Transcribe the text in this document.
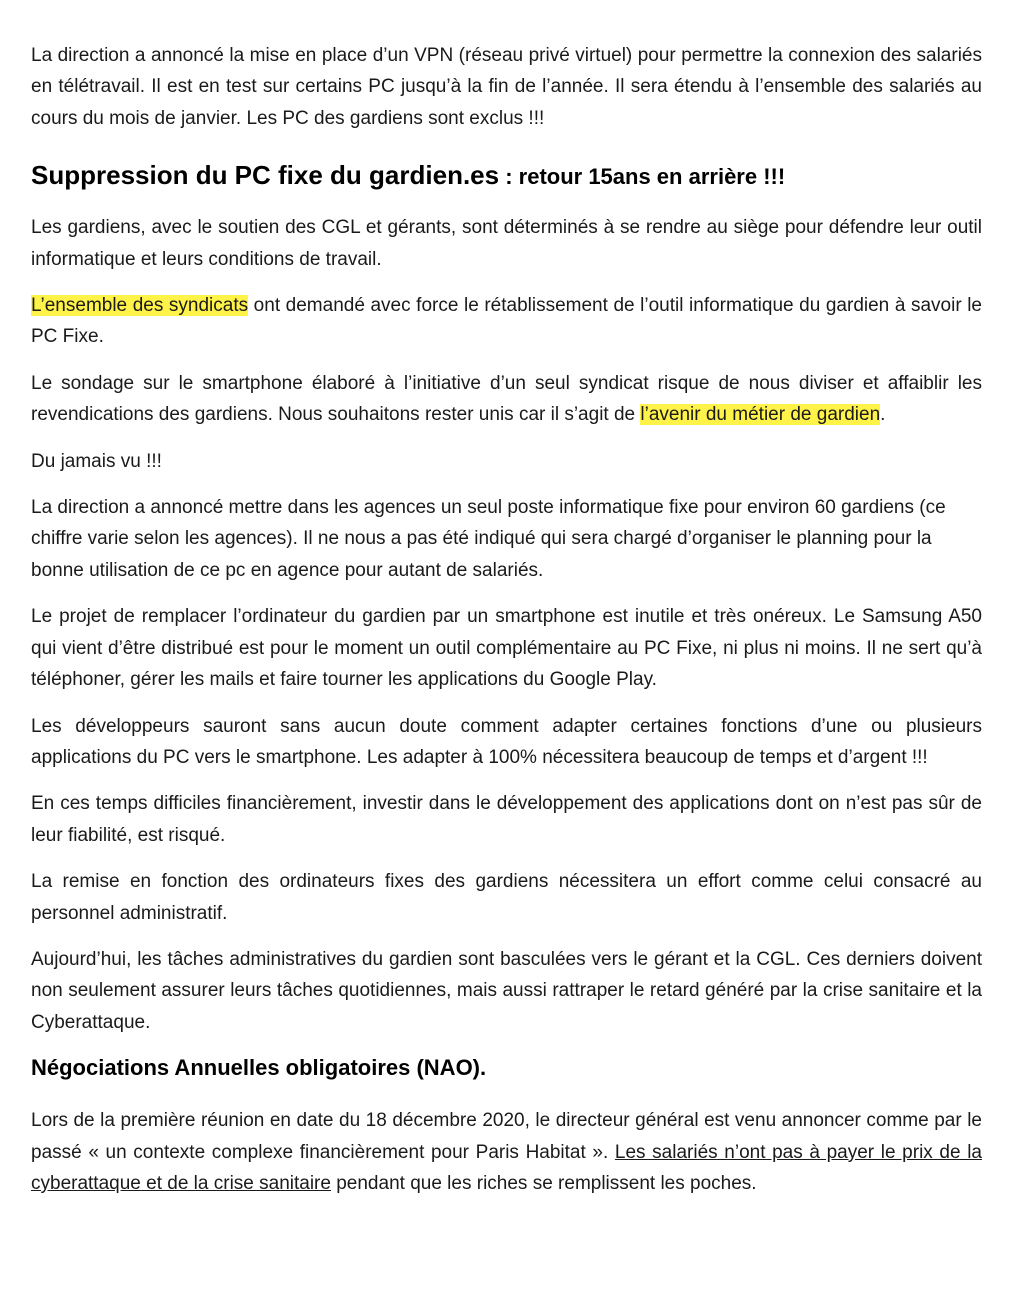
La direction a annoncé la mise en place d’un VPN (réseau privé virtuel) pour permettre la connexion des salariés en télétravail. Il est en test sur certains PC jusqu’à la fin de l’année. Il sera étendu à l’ensemble des salariés au cours du mois de janvier. Les PC des gardiens sont exclus !!!

Suppression du PC fixe du gardien.es : retour 15ans en arrière !!!

Les gardiens, avec le soutien des CGL et gérants, sont déterminés à se rendre au siège pour défendre leur outil informatique et leurs conditions de travail.

L’ensemble des syndicats ont demandé avec force le rétablissement de l’outil informatique du gardien à savoir le PC Fixe.

Le sondage sur le smartphone élaboré à l’initiative d’un seul syndicat risque de nous diviser et affaiblir les revendications des gardiens. Nous souhaitons rester unis car il s’agit de l’avenir du métier de gardien.

Du jamais vu !!!

La direction a annoncé mettre dans les agences un seul poste informatique fixe pour environ 60 gardiens (ce chiffre varie selon les agences). Il ne nous a pas été indiqué qui sera chargé d’organiser le planning pour la bonne utilisation de ce pc en agence pour autant de salariés.

Le projet de remplacer l’ordinateur du gardien par un smartphone est inutile et très onéreux. Le Samsung A50 qui vient d’être distribué est pour le moment un outil complémentaire au PC Fixe, ni plus ni moins. Il ne sert qu’à téléphoner, gérer les mails et faire tourner les applications du Google Play.

Les développeurs sauront sans aucun doute comment adapter certaines fonctions d’une ou plusieurs applications du PC vers le smartphone. Les adapter à 100% nécessitera beaucoup de temps et d’argent !!!

En ces temps difficiles financièrement, investir dans le développement des applications dont on n’est pas sûr de leur fiabilité, est risqué.

La remise en fonction des ordinateurs fixes des gardiens nécessitera un effort comme celui consacré au personnel administratif.

Aujourd’hui, les tâches administratives du gardien sont basculées vers le gérant et la CGL. Ces derniers doivent non seulement assurer leurs tâches quotidiennes, mais aussi rattraper le retard généré par la crise sanitaire et la Cyberattaque.

Négociations Annuelles obligatoires (NAO).

Lors de la première réunion en date du 18 décembre 2020, le directeur général est venu annoncer comme par le passé « un contexte complexe financièrement pour Paris Habitat ». Les salariés n’ont pas à payer le prix de la cyberattaque et de la crise sanitaire pendant que les riches se remplissent les poches.
